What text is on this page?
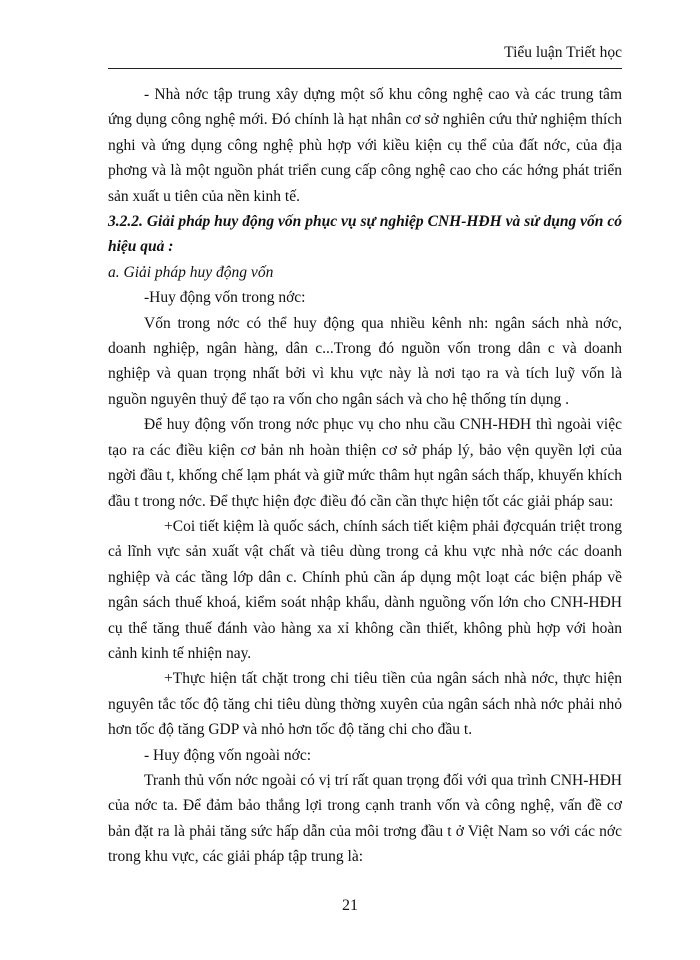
Tiểu luận Triết học

- Nhà nớc tập trung xây dựng một số khu công nghệ cao và các trung tâm ứng dụng công nghệ mới. Đó chính là hạt nhân cơ sở nghiên cứu thử nghiệm thích nghi và ứng dụng công nghệ phù hợp với kiều kiện cụ thể của đất nớc, của địa phơng và là một nguồn phát triển cung cấp công nghệ cao cho các hớng phát triển sản xuất u tiên của nền kinh tế.

3.2.2. Giải pháp huy động vốn phục vụ sự nghiệp CNH-HĐH và sử dụng vốn có hiệu quả :

a. Giải pháp huy động vốn

-Huy động vốn trong nớc:

Vốn trong nớc có thể huy động qua nhiều kênh nh: ngân sách nhà nớc, doanh nghiệp, ngân hàng, dân c...Trong đó nguồn vốn trong dân c và doanh nghiệp và quan trọng nhất bởi vì khu vực này là nơi tạo ra và tích luỹ vốn là nguồn nguyên thuỷ để tạo ra vốn cho ngân sách và cho hệ thống tín dụng .

Để huy động vốn trong nớc phục vụ cho nhu cầu CNH-HĐH thì ngoài việc tạo ra các điều kiện cơ bản nh hoàn thiện cơ sở pháp lý, bảo vện quyền lợi của ngời đầu t, khống chế lạm phát và giữ mức thâm hụt ngân sách thấp, khuyến khích đầu t trong nớc. Để thực hiện đợc điều đó cần cần thực hiện tốt các giải pháp sau:

+Coi tiết kiệm là quốc sách, chính sách tiết kiệm phải đợcquán triệt trong cả lĩnh vực sản xuất vật chất và tiêu dùng trong cả khu vực nhà nớc các doanh nghiệp và các tầng lớp dân c. Chính phủ cần áp dụng một loạt các biện pháp về ngân sách thuế khoá, kiểm soát nhập khẩu, dành nguồng vốn lớn cho CNH-HĐH cụ thể tăng thuế đánh vào hàng xa xỉ không cần thiết, không phù hợp với hoàn cảnh kinh tế nhiện nay.

+Thực hiện tất chặt trong chi tiêu tiền của ngân sách nhà nớc, thực hiện nguyên tắc tốc độ tăng chi tiêu dùng thờng xuyên của ngân sách nhà nớc phải nhỏ hơn tốc độ tăng GDP và nhỏ hơn tốc độ tăng chi cho đầu t.

- Huy động vốn ngoài nớc:

Tranh thủ vốn nớc ngoài có vị trí rất quan trọng đối với qua trình CNH-HĐH của nớc ta. Để đảm bảo thắng lợi trong cạnh tranh vốn và công nghệ, vấn đề cơ bản đặt ra là phải tăng sức hấp dẫn của môi trơng đầu t ở Việt Nam so với các nớc trong khu vực, các giải pháp tập trung là:

21
